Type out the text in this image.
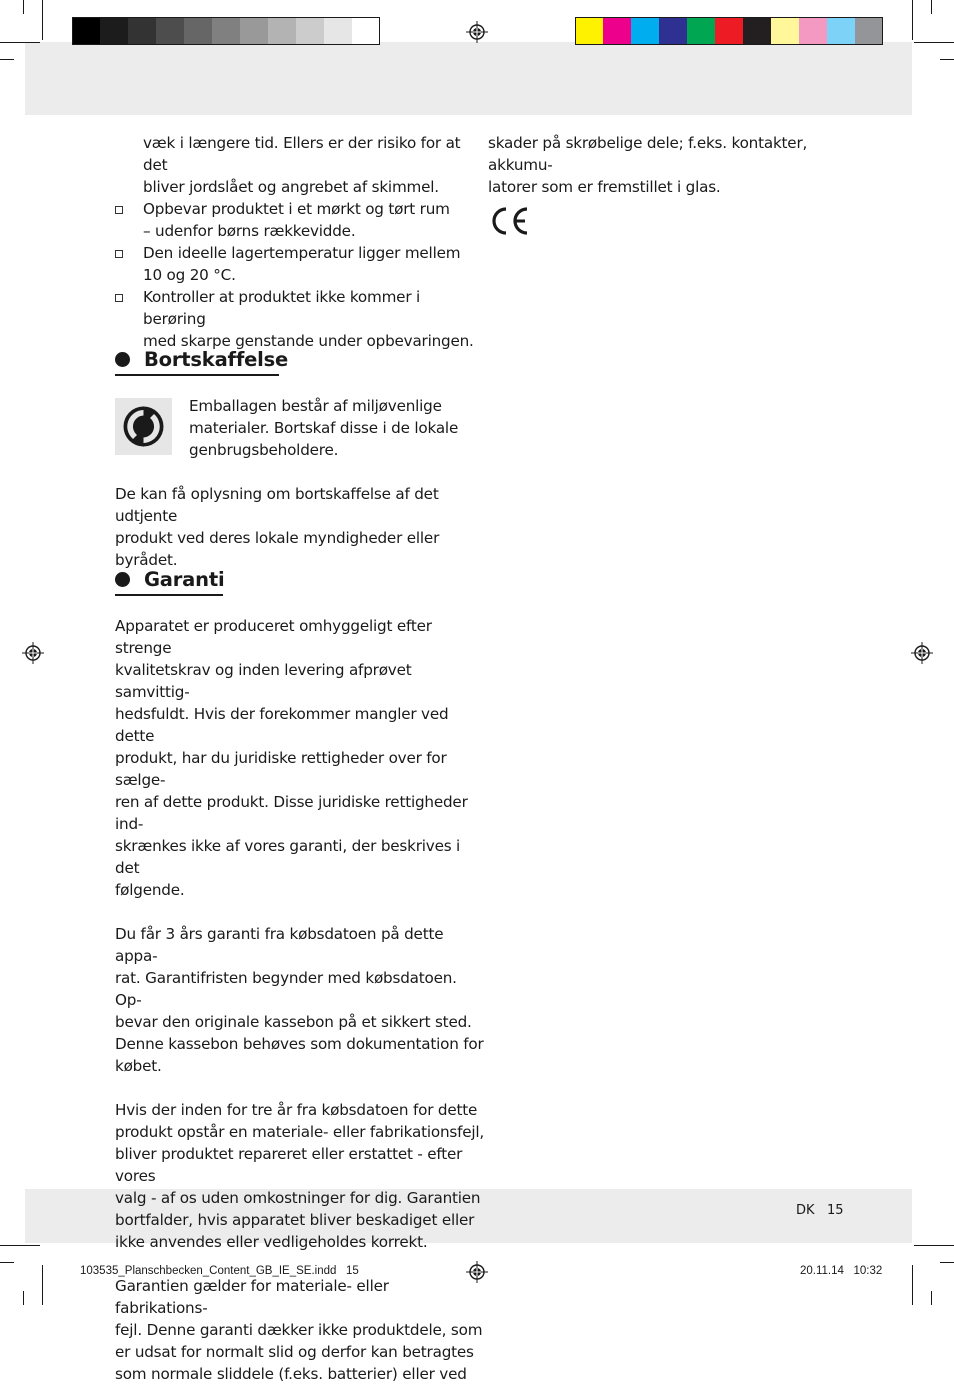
væk i længere tid. Ellers er der risiko for at det
bliver jordslået og angrebet af skimmel.
Opbevar produktet i et mørkt og tørt rum
– udenfor børns rækkevidde.
Den ideelle lagertemperatur ligger mellem
10 og 20 °C.
Kontroller at produktet ikke kommer i berøring
med skarpe genstande under opbevaringen.
Bortskaffelse
Emballagen består af miljøvenlige
materialer. Bortskaf disse i de lokale
genbrugsbeholdere.
De kan få oplysning om bortskaffelse af det udtjente
produkt ved deres lokale myndigheder eller byrådet.
Garanti
Apparatet er produceret omhyggeligt efter strenge
kvalitetskrav og inden levering afprøvet samvittig-
hedsfuldt. Hvis der forekommer mangler ved dette
produkt, har du juridiske rettigheder over for sælge-
ren af dette produkt. Disse juridiske rettigheder ind-
skrænkes ikke af vores garanti, der beskrives i det
følgende.
Du får 3 års garanti fra købsdatoen på dette appa-
rat. Garantifristen begynder med købsdatoen. Op-
bevar den originale kassebon på et sikkert sted.
Denne kassebon behøves som dokumentation for
købet.
Hvis der inden for tre år fra købsdatoen for dette
produkt opstår en materiale- eller fabrikationsfejl,
bliver produktet repareret eller erstattet - efter vores
valg - af os uden omkostninger for dig. Garantien
bortfalder, hvis apparatet bliver beskadiget eller
ikke anvendes eller vedligeholdes korrekt.
Garantien gælder for materiale- eller fabrikations-
fejl. Denne garanti dækker ikke produktdele, som
er udsat for normalt slid og derfor kan betragtes
som normale sliddele (f.eks. batterier) eller ved
skader på skrøbelige dele; f.eks. kontakter, akkumu-
latorer som er fremstillet i glas.
DK 15
103535_Planschbecken_Content_GB_IE_SE.indd   15	20.11.14   10:32
